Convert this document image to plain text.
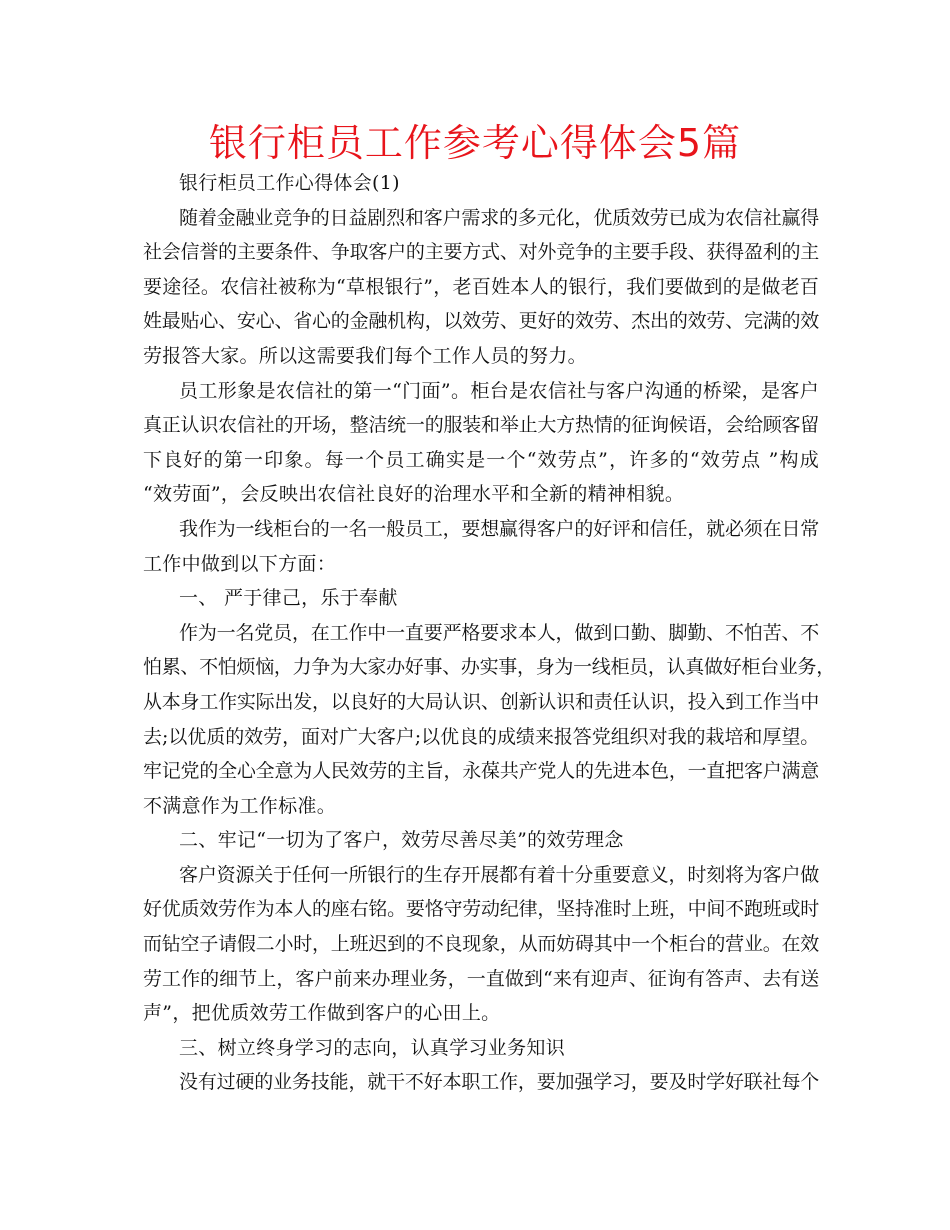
银行柜员工作参考心得体会5篇
银行柜员工作心得体会(1)
随着金融业竞争的日益剧烈和客户需求的多元化，优质效劳已成为农信社赢得
社会信誉的主要条件、争取客户的主要方式、对外竞争的主要手段、获得盈利的主
要途径。农信社被称为“草根银行”，老百姓本人的银行，我们要做到的是做老百
姓最贴心、安心、省心的金融机构，以效劳、更好的效劳、杰出的效劳、完满的效
劳报答大家。所以这需要我们每个工作人员的努力。
员工形象是农信社的第一“门面”。柜台是农信社与客户沟通的桥梁，是客户
真正认识农信社的开场，整洁统一的服装和举止大方热情的征询候语，会给顾客留
下良好的第一印象。每一个员工确实是一个“效劳点”，许多的“效劳点 ”构成
“效劳面”，会反映出农信社良好的治理水平和全新的精神相貌。
我作为一线柜台的一名一般员工，要想赢得客户的好评和信任，就必须在日常
工作中做到以下方面：
一、 严于律己，乐于奉献
作为一名党员，在工作中一直要严格要求本人，做到口勤、脚勤、不怕苦、不
怕累、不怕烦恼，力争为大家办好事、办实事，身为一线柜员，认真做好柜台业务，
从本身工作实际出发，以良好的大局认识、创新认识和责任认识，投入到工作当中
去;以优质的效劳，面对广大客户;以优良的成绩来报答党组织对我的栽培和厚望。
牢记党的全心全意为人民效劳的主旨，永葆共产党人的先进本色，一直把客户满意
不满意作为工作标准。
二、牢记“一切为了客户，效劳尽善尽美”的效劳理念
客户资源关于任何一所银行的生存开展都有着十分重要意义，时刻将为客户做
好优质效劳作为本人的座右铭。要恪守劳动纪律，坚持准时上班，中间不跑班或时
而钻空子请假二小时，上班迟到的不良现象，从而妨碍其中一个柜台的营业。在效
劳工作的细节上，客户前来办理业务，一直做到“来有迎声、征询有答声、去有送
声”，把优质效劳工作做到客户的心田上。
三、树立终身学习的志向，认真学习业务知识
没有过硬的业务技能，就干不好本职工作，要加强学习，要及时学好联社每个
